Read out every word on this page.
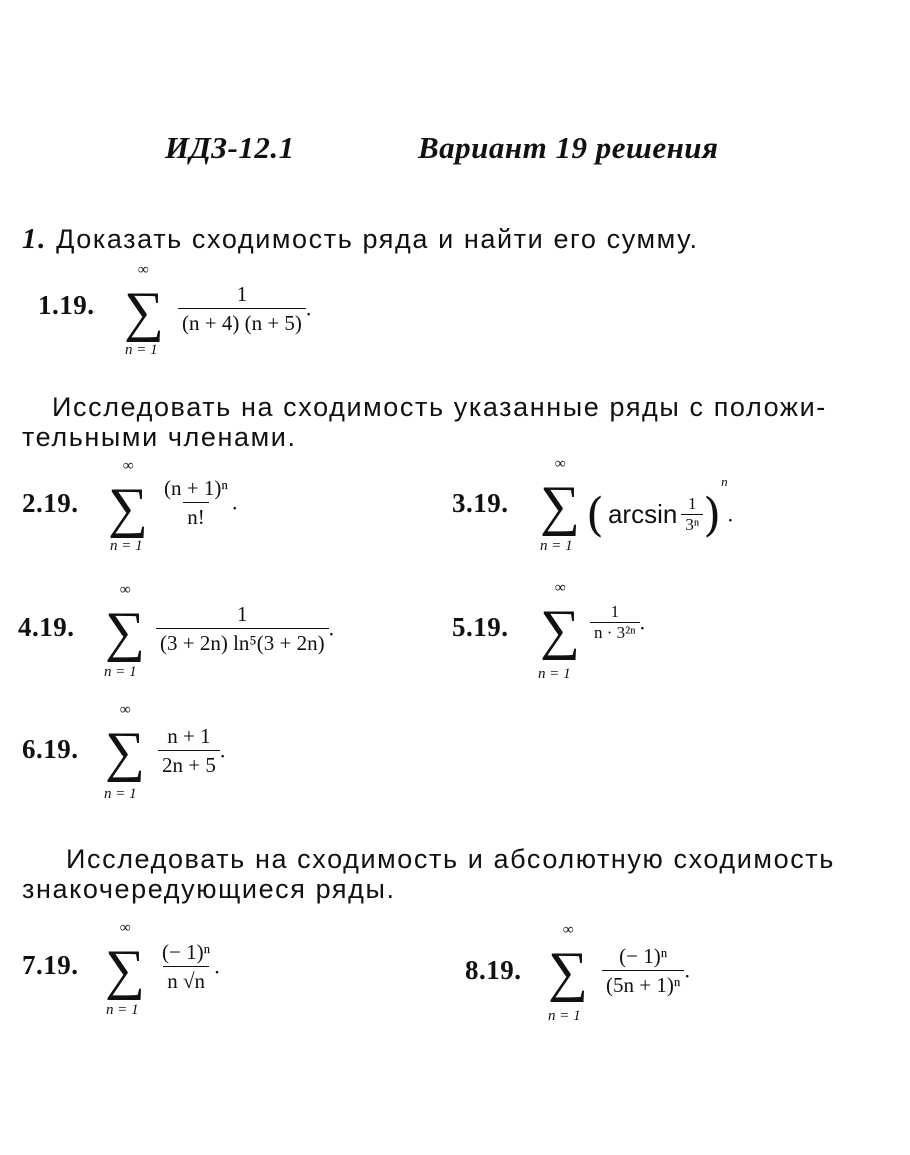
ИДЗ-12.1	Вариант 19 решения
1. Доказать сходимость ряда и найти его сумму.
1.19.
∞
∑
n = 1
$\frac{1}{(n + 4) (n + 5)}$ .
Исследовать на сходимость указанные ряды с положи-
тельными членами.
2.19.
∞
∑
n = 1
$\frac{\text{(n + 1)ⁿ}}{n!}$ .	3.19.
∞
∑
n = 1
( $\arcsin \frac{1}{\text{3ⁿ}} )^n$.
4.19.
∞
∑
n = 1
$\frac{1}{\text{(3 + 2n) ln⁵(3 + 2n)}}$ .	5.19.
∞
∑
n = 1
$\frac{1}{\text{n · 3²ⁿ}}$ .
6.19.
∞
∑
n = 1
$\frac{n + 1}{2n + 5}$ .
Исследовать на сходимость и абсолютную сходимость
знакочередующиеся ряды.
7.19.
∞
∑
n = 1
$\frac{\text{(− 1)ⁿ}}{n √n}$ .	8.19.
∞
∑
n = 1
$\frac{\text{(− 1)ⁿ}}{\text{(5n + 1)ⁿ}}$ .
